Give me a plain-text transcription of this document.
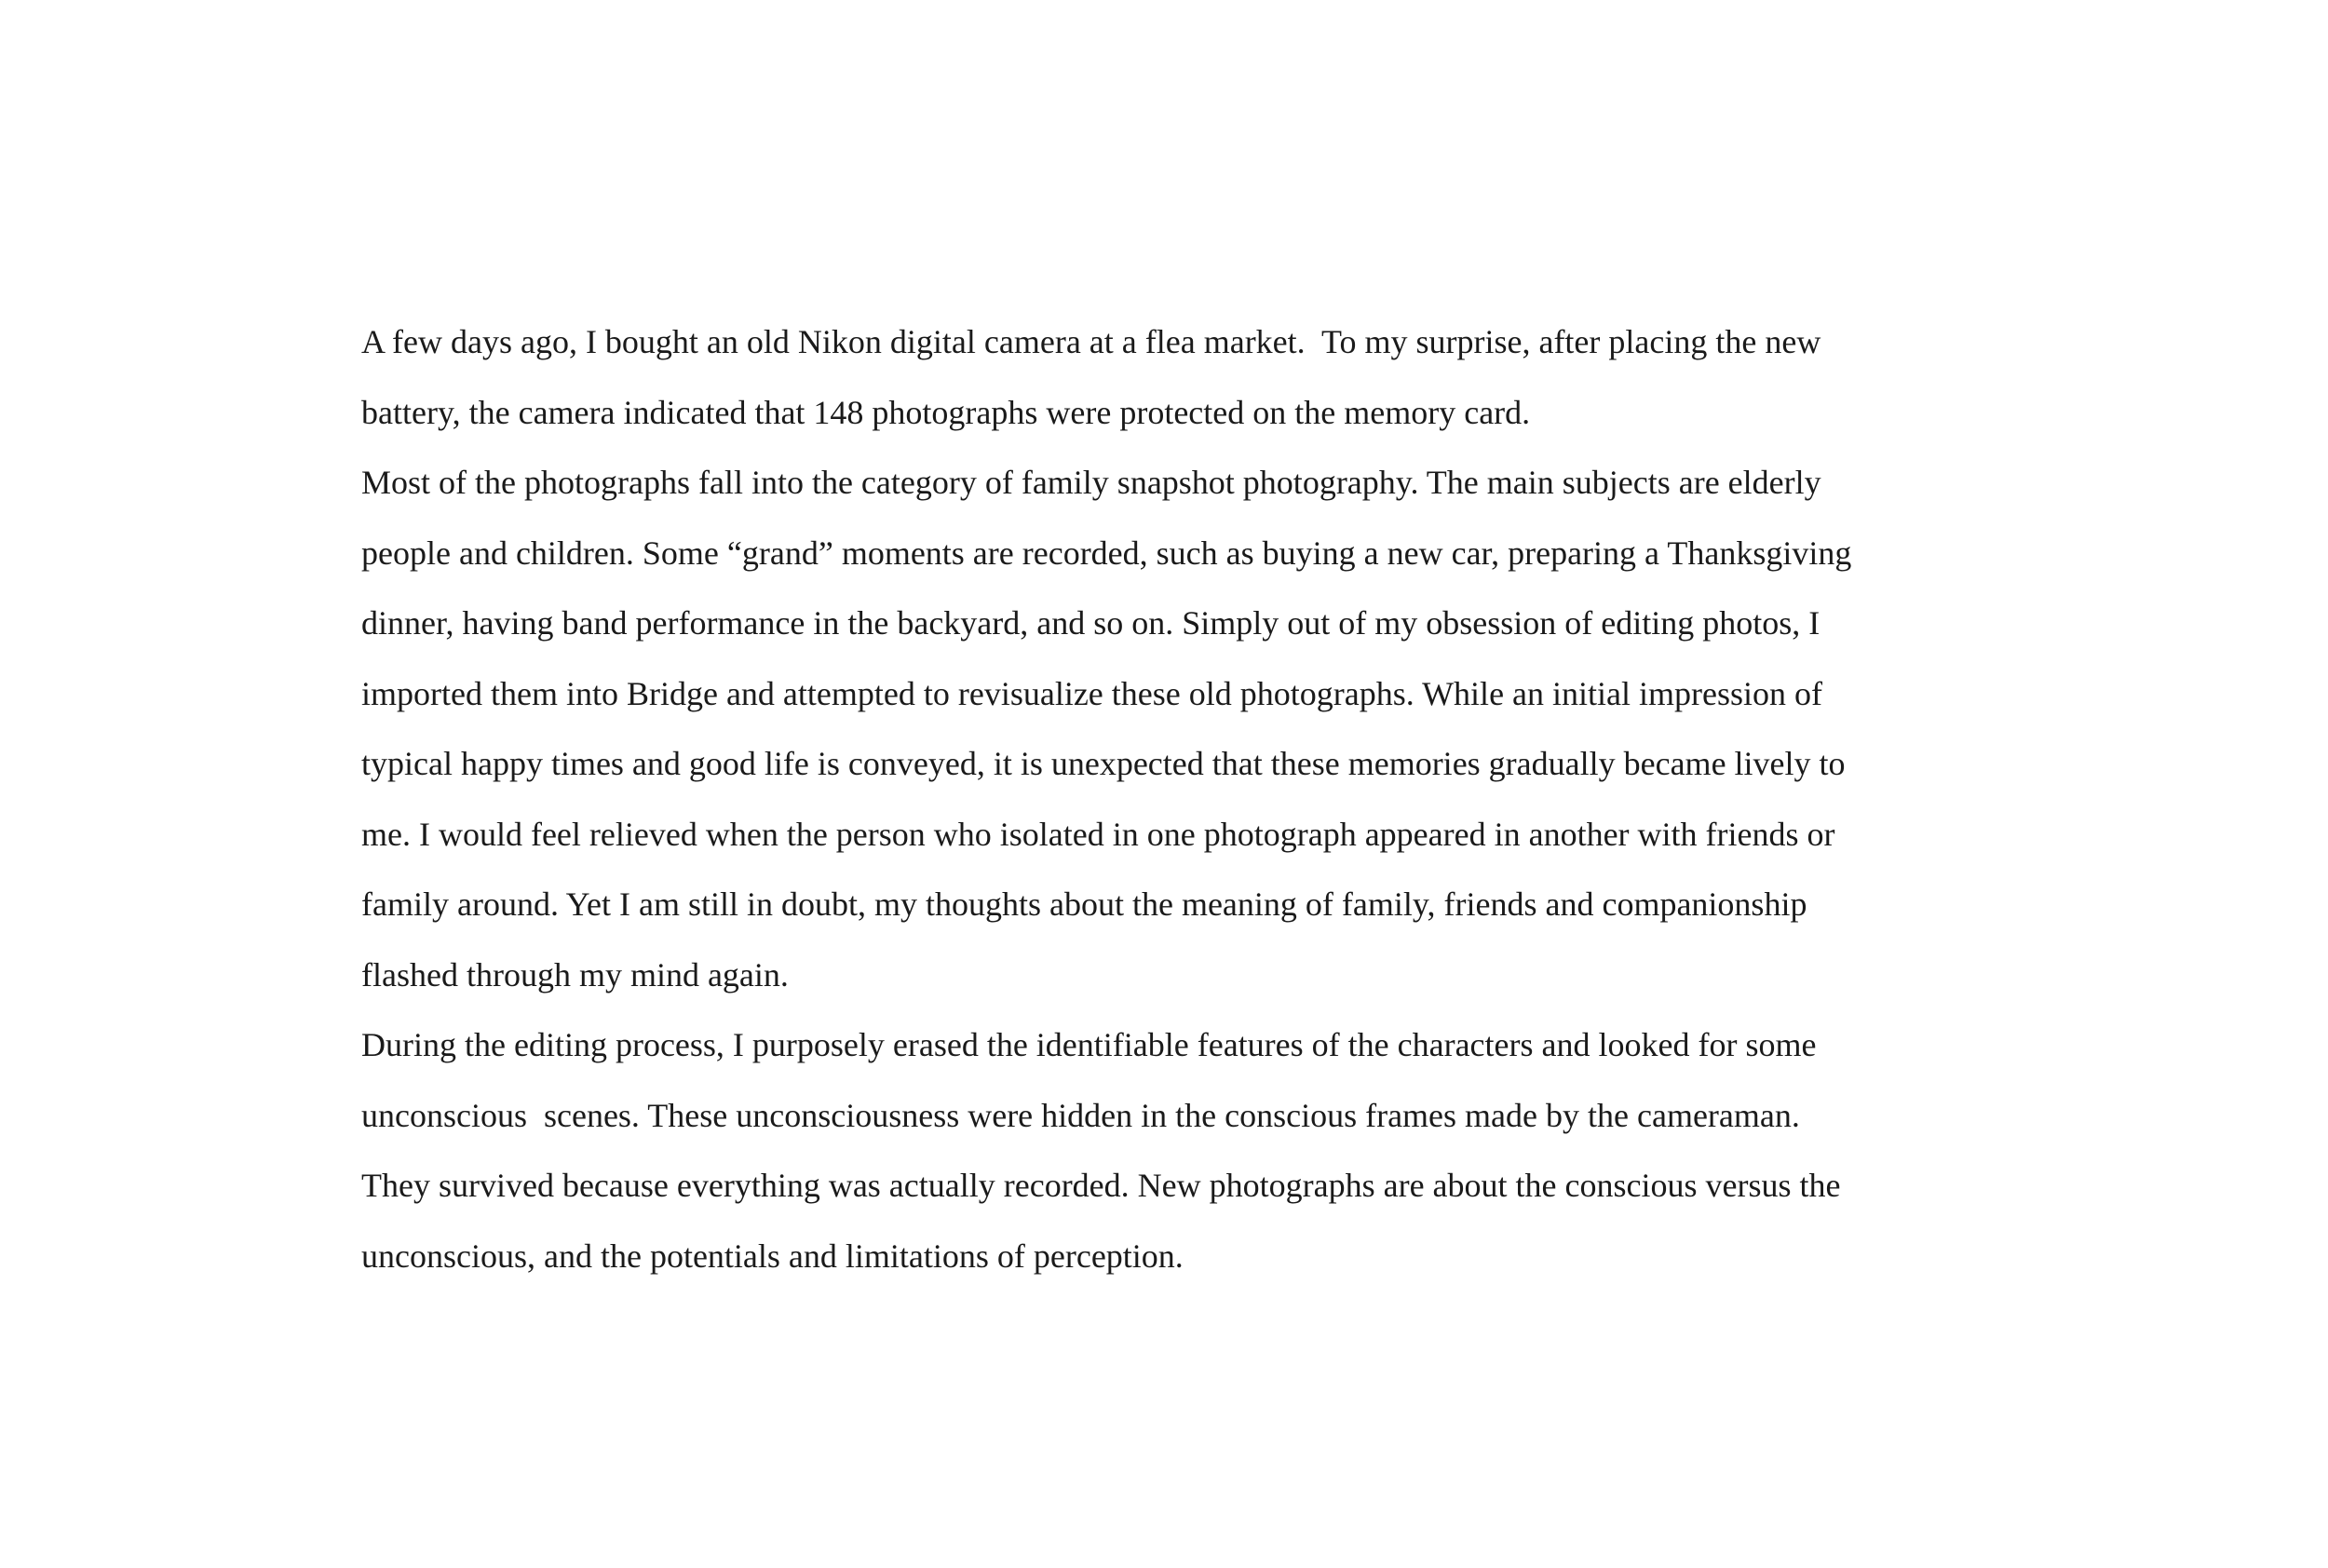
A few days ago, I bought an old Nikon digital camera at a flea market.  To my surprise, after placing the new
battery, the camera indicated that 148 photographs were protected on the memory card.
Most of the photographs fall into the category of family snapshot photography. The main subjects are elderly
people and children. Some “grand” moments are recorded, such as buying a new car, preparing a Thanksgiving
dinner, having band performance in the backyard, and so on. Simply out of my obsession of editing photos, I
imported them into Bridge and attempted to revisualize these old photographs. While an initial impression of
typical happy times and good life is conveyed, it is unexpected that these memories gradually became lively to
me. I would feel relieved when the person who isolated in one photograph appeared in another with friends or
family around. Yet I am still in doubt, my thoughts about the meaning of family, friends and companionship
flashed through my mind again.
During the editing process, I purposely erased the identifiable features of the characters and looked for some
unconscious  scenes. These unconsciousness were hidden in the conscious frames made by the cameraman.
They survived because everything was actually recorded. New photographs are about the conscious versus the
unconscious, and the potentials and limitations of perception.
